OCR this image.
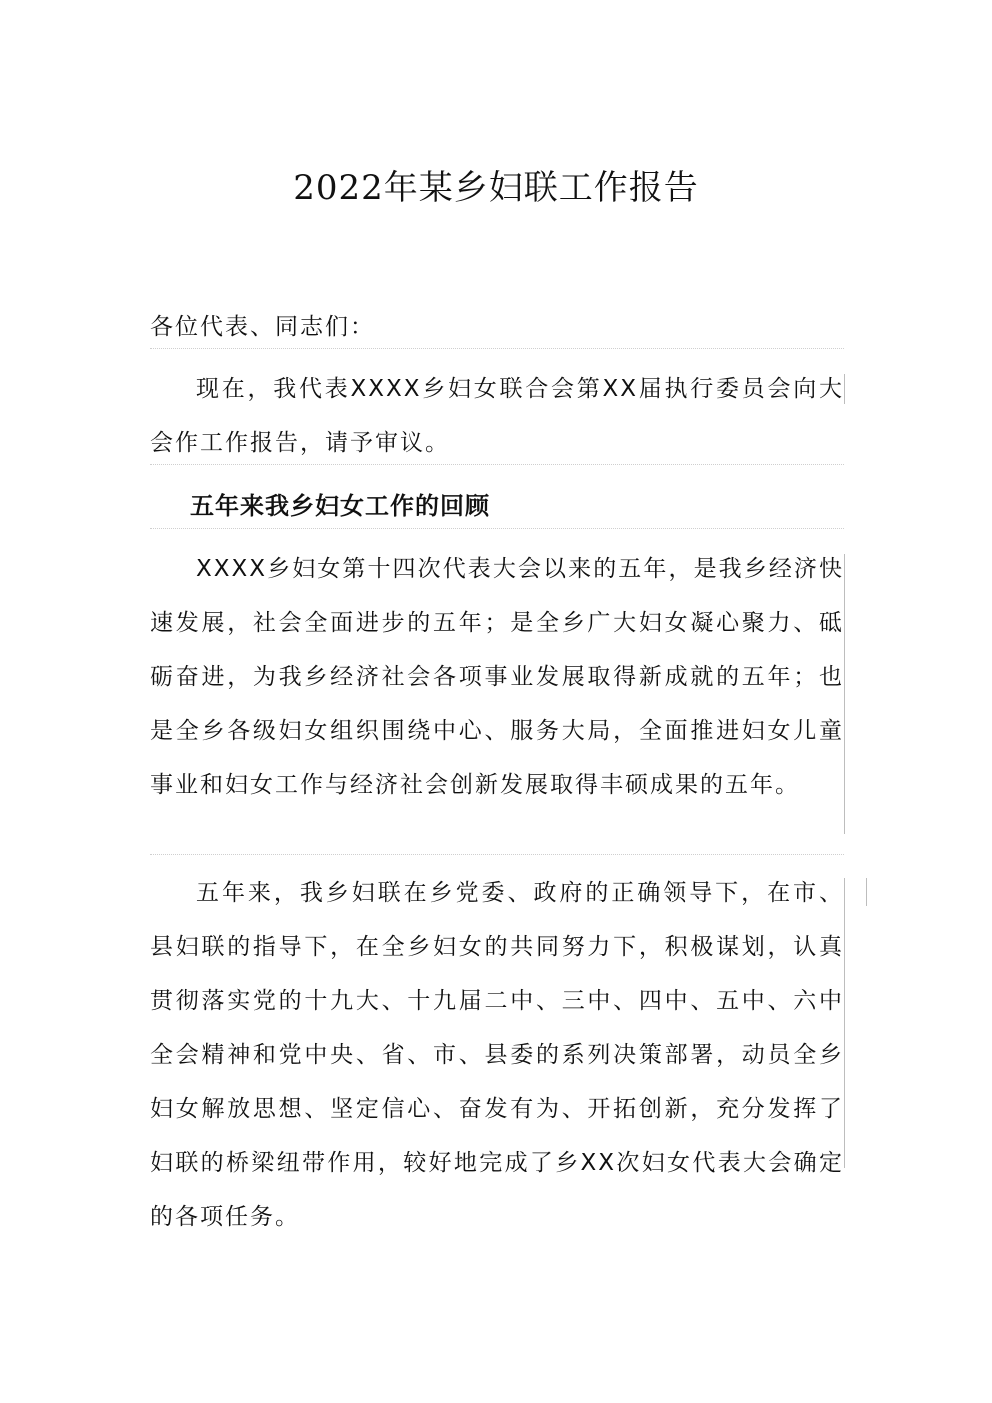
2022年某乡妇联工作报告
各位代表、同志们：

现在，我代表XXXX乡妇女联合会第XX届执行委员会向大会作工作报告，请予审议。

五年来我乡妇女工作的回顾

XXXX乡妇女第十四次代表大会以来的五年，是我乡经济快速发展，社会全面进步的五年；是全乡广大妇女凝心聚力、砥砺奋进，为我乡经济社会各项事业发展取得新成就的五年；也是全乡各级妇女组织围绕中心、服务大局，全面推进妇女儿童事业和妇女工作与经济社会创新发展取得丰硕成果的五年。

五年来，我乡妇联在乡党委、政府的正确领导下，在市、县妇联的指导下，在全乡妇女的共同努力下，积极谋划，认真贯彻落实党的十九大、十九届二中、三中、四中、五中、六中全会精神和党中央、省、市、县委的系列决策部署，动员全乡妇女解放思想、坚定信心、奋发有为、开拓创新，充分发挥了妇联的桥梁纽带作用，较好地完成了乡XX次妇女代表大会确定的各项任务。
